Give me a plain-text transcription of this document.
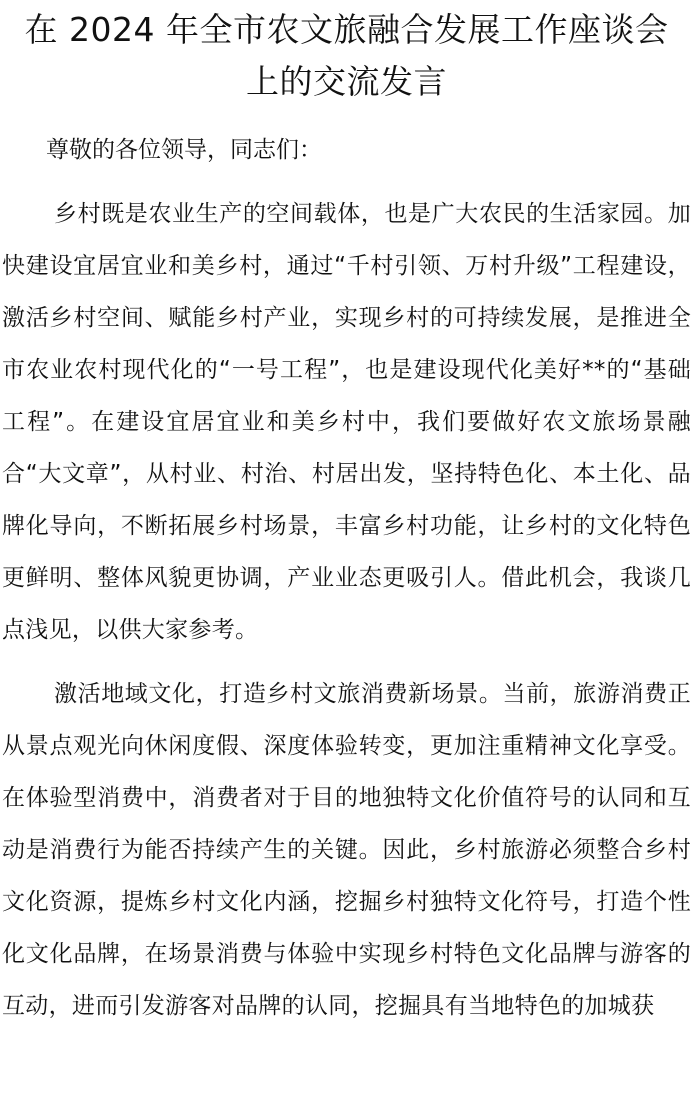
在 2024 年全市农文旅融合发展工作座谈会上的交流发言

尊敬的各位领导，同志们：

乡村既是农业生产的空间载体，也是广大农民的生活家园。加快建设宜居宜业和美乡村，通过“千村引领、万村升级”工程建设，激活乡村空间、赋能乡村产业，实现乡村的可持续发展，是推进全市农业农村现代化的“一号工程”，也是建设现代化美好**的“基础工程”。在建设宜居宜业和美乡村中，我们要做好农文旅场景融合“大文章”，从村业、村治、村居出发，坚持特色化、本土化、品牌化导向，不断拓展乡村场景，丰富乡村功能，让乡村的文化特色更鲜明、整体风貌更协调，产业业态更吸引人。借此机会，我谈几点浅见，以供大家参考。

激活地域文化，打造乡村文旅消费新场景。当前，旅游消费正从景点观光向休闲度假、深度体验转变，更加注重精神文化享受。在体验型消费中，消费者对于目的地独特文化价值符号的认同和互动是消费行为能否持续产生的关键。因此，乡村旅游必须整合乡村文化资源，提炼乡村文化内涵，挖掘乡村独特文化符号，打造个性化文化品牌，在场景消费与体验中实现乡村特色文化品牌与游客的互动，进而引发游客对品牌的认同，挖掘具有当地特色的加城获
